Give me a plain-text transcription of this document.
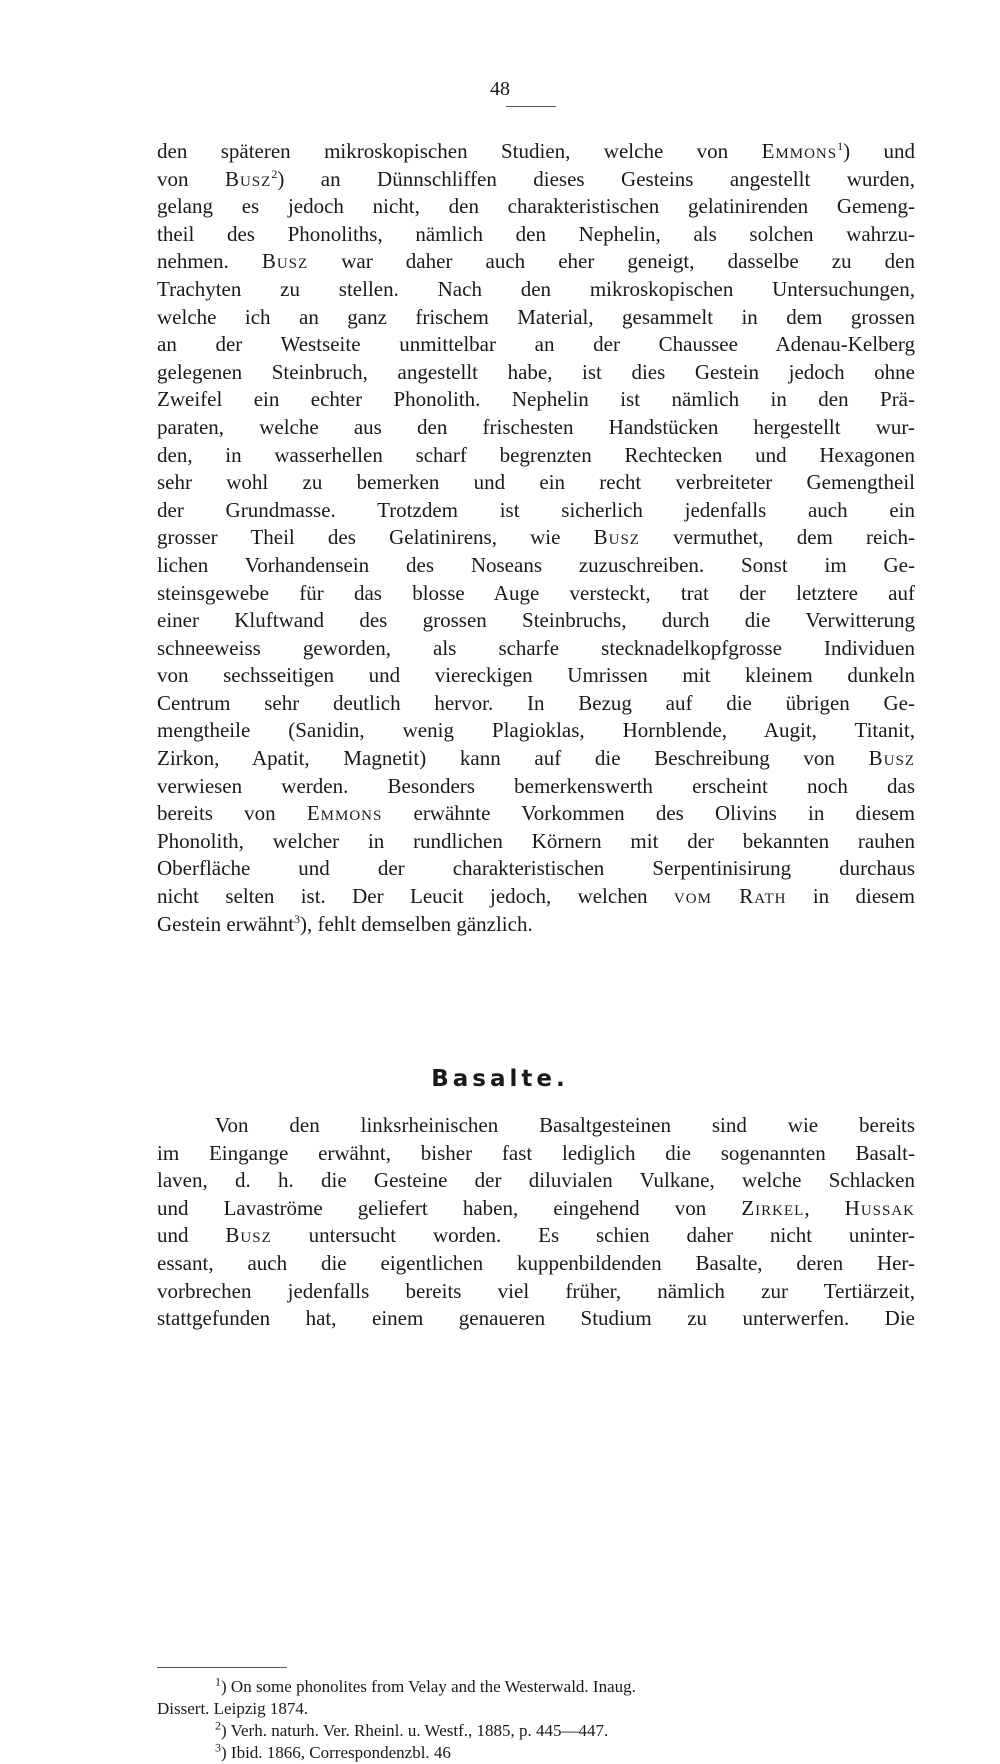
48
den späteren mikroskopischen Studien, welche von Emmons$^1$) und
von Busz$^2$) an Dünnschliffen dieses Gesteins angestellt wurden,
gelang es jedoch nicht, den charakteristischen gelatinirenden Gemeng-
theil des Phonoliths, nämlich den Nephelin, als solchen wahrzu-
nehmen. Busz war daher auch eher geneigt, dasselbe zu den
Trachyten zu stellen. Nach den mikroskopischen Untersuchungen,
welche ich an ganz frischem Material, gesammelt in dem grossen
an der Westseite unmittelbar an der Chaussee Adenau-Kelberg
gelegenen Steinbruch, angestellt habe, ist dies Gestein jedoch ohne
Zweifel ein echter Phonolith. Nephelin ist nämlich in den Prä-
paraten, welche aus den frischesten Handstücken hergestellt wur-
den, in wasserhellen scharf begrenzten Rechtecken und Hexagonen
sehr wohl zu bemerken und ein recht verbreiteter Gemengtheil
der Grundmasse. Trotzdem ist sicherlich jedenfalls auch ein
grosser Theil des Gelatinirens, wie Busz vermuthet, dem reich-
lichen Vorhandensein des Noseans zuzuschreiben. Sonst im Ge-
steinsgewebe für das blosse Auge versteckt, trat der letztere auf
einer Kluftwand des grossen Steinbruchs, durch die Verwitterung
schneeweiss geworden, als scharfe stecknadelkopfgrosse Individuen
von sechsseitigen und viereckigen Umrissen mit kleinem dunkeln
Centrum sehr deutlich hervor. In Bezug auf die übrigen Ge-
mengtheile (Sanidin, wenig Plagioklas, Hornblende, Augit, Titanit,
Zirkon, Apatit, Magnetit) kann auf die Beschreibung von Busz
verwiesen werden. Besonders bemerkenswerth erscheint noch das
bereits von Emmons erwähnte Vorkommen des Olivins in diesem
Phonolith, welcher in rundlichen Körnern mit der bekannten rauhen
Oberfläche und der charakteristischen Serpentinisirung durchaus
nicht selten ist. Der Leucit jedoch, welchen vom Rath in diesem
Gestein erwähnt$^3$), fehlt demselben gänzlich.
Basalte.
Von den linksrheinischen Basaltgesteinen sind wie bereits
im Eingange erwähnt, bisher fast lediglich die sogenannten Basalt-
laven, d. h. die Gesteine der diluvialen Vulkane, welche Schlacken
und Lavaströme geliefert haben, eingehend von Zirkel, Hussak
und Busz untersucht worden. Es schien daher nicht uninter-
essant, auch die eigentlichen kuppenbildenden Basalte, deren Her-
vorbrechen jedenfalls bereits viel früher, nämlich zur Tertiärzeit,
stattgefunden hat, einem genaueren Studium zu unterwerfen. Die
$^1$) On some phonolites from Velay and the Westerwald. Inaug.
Dissert. Leipzig 1874.
$^2$) Verh. naturh. Ver. Rheinl. u. Westf., 1885, p. 445—447.
$^3$) Ibid. 1866, Correspondenzbl. 46
